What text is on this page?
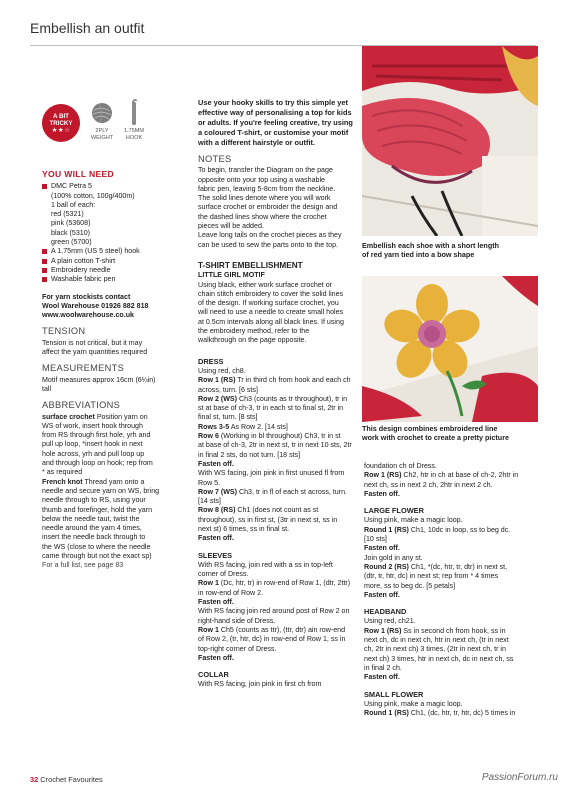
Embellish an outfit
A BIT
TRICKY
★★☆	2PLY
WEIGHT
1.75MM
HOOK
YOU WILL NEED
DMC Petra 5
(100% cotton, 100g/400m)
1 ball of each:
red (5321)
pink (53608)
black (5310)
green (5700)
A 1.75mm (US 5 steel) hook
A plain cotton T-shirt
Embroidery needle
Washable fabric pen
For yarn stockists contact
Wool Warehouse 01926 882 818
www.woolwarehouse.co.uk
TENSION
Tension is not critical, but it may
affect the yarn quantities required
MEASUREMENTS
Motif measures approx 16cm (6¼in)
tall
ABBREVIATIONS
surface crochet Position yarn on
WS of work, insert hook through
from RS through first hole, yrh and
pull up loop, *insert hook in next
hole across, yrh and pull loop up
and through loop on hook; rep from
* as required
French knot Thread yarn onto a
needle and secure yarn on WS, bring
needle through to RS, using your
thumb and forefinger, hold the yarn
below the needle taut, twist the
needle around the yarn 4 times,
insert the needle back through to
the WS (close to where the needle
came through but not the exact sp)
For a full list, see page 83
Use your hooky skills to try this simple yet
effective way of personalising a top for kids
or adults. If you're feeling creative, try using
a coloured T-shirt, or customise your motif
with a different hairstyle or outfit.
NOTES
To begin, transfer the Diagram on the page
opposite onto your top using a washable
fabric pen, leaving 5-8cm from the neckline.
The solid lines denote where you will work
surface crochet or embroider the design and
the dashed lines show where the crochet
pieces will be added.
Leave long tails on the crochet pieces as they
can be used to sew the parts onto to the top.
T-SHIRT EMBELLISHMENT
LITTLE GIRL MOTIF
Using black, either work surface crochet or
chain stitch embroidery to cover the solid lines
of the design. If working surface crochet, you
will need to use a needle to create small holes
at 0.5cm intervals along all black lines. If using
the embroidery method, refer to the
walkthrough on the page opposite.
DRESS
Using red, ch8.
Row 1 (RS) Tr in third ch from hook and each ch
across, turn. [6 sts]
Row 2 (WS) Ch3 (counts as tr throughout), tr in
st at base of ch-3, tr in each st to final st, 2tr in
final st, turn. [8 sts]
Rows 3-5 As Row 2. [14 sts]
Row 6 (Working in bl throughout) Ch3, tr in st
at base of ch-3, 2tr in next st, tr in next 10 sts, 2tr
in final 2 sts, do not turn. [18 sts]
Fasten off.
With WS facing, join pink in first unused fl from
Row 5.
Row 7 (WS) Ch3, tr in fl of each st across, turn.
[14 sts]
Row 8 (RS) Ch1 (does not count as st
throughout), ss in first st, (3tr in next st, ss in
next st) 6 times, ss in final st.
Fasten off.
SLEEVES
With RS facing, join red with a ss in top-left
corner of Dress.
Row 1 (Dc, htr, tr) in row-end of Row 1, (dtr, 2ttr)
in row-end of Row 2.
Fasten off.
With RS facing join red around post of Row 2 on
right-hand side of Dress.
Row 1 Ch5 (counts as ttr), (ttr, dtr) ain row-end
of Row 2, (tr, htr, dc) in row-end of Row 1, ss in
top-right corner of Dress.
Fasten off.
COLLAR
With RS facing, join pink in first ch from
Embellish each shoe with a short length
of red yarn tied into a bow shape
This design combines embroidered line
work with crochet to create a pretty picture
foundation ch of Dress.
Row 1 (RS) Ch2, htr in ch at base of ch-2, 2htr in
next ch, ss in next 2 ch, 2htr in next 2 ch.
Fasten off.
LARGE FLOWER
Using pink, make a magic loop.
Round 1 (RS) Ch1, 10dc in loop, ss to beg dc.
[10 sts]
Fasten off.
Join gold in any st.
Round 2 (RS) Ch1, *(dc, htr, tr, dtr) in next st,
(dtr, tr, htr, dc) in next st; rep from * 4 times
more, ss to beg dc. [5 petals]
Fasten off.
HEADBAND
Using red, ch21.
Row 1 (RS) Ss in second ch from hook, ss in
next ch, dc in next ch, htr in next ch, (tr in next
ch, 2tr in next ch) 3 times, (2tr in next ch, tr in
next ch) 3 times, htr in next ch, dc in next ch, ss
in final 2 ch.
Fasten off.
SMALL FLOWER
Using pink, make a magic loop.
Round 1 (RS) Ch1, (dc, htr, tr, htr, dc) 5 times in
32 Crochet Favourites	PassionForum.ru
